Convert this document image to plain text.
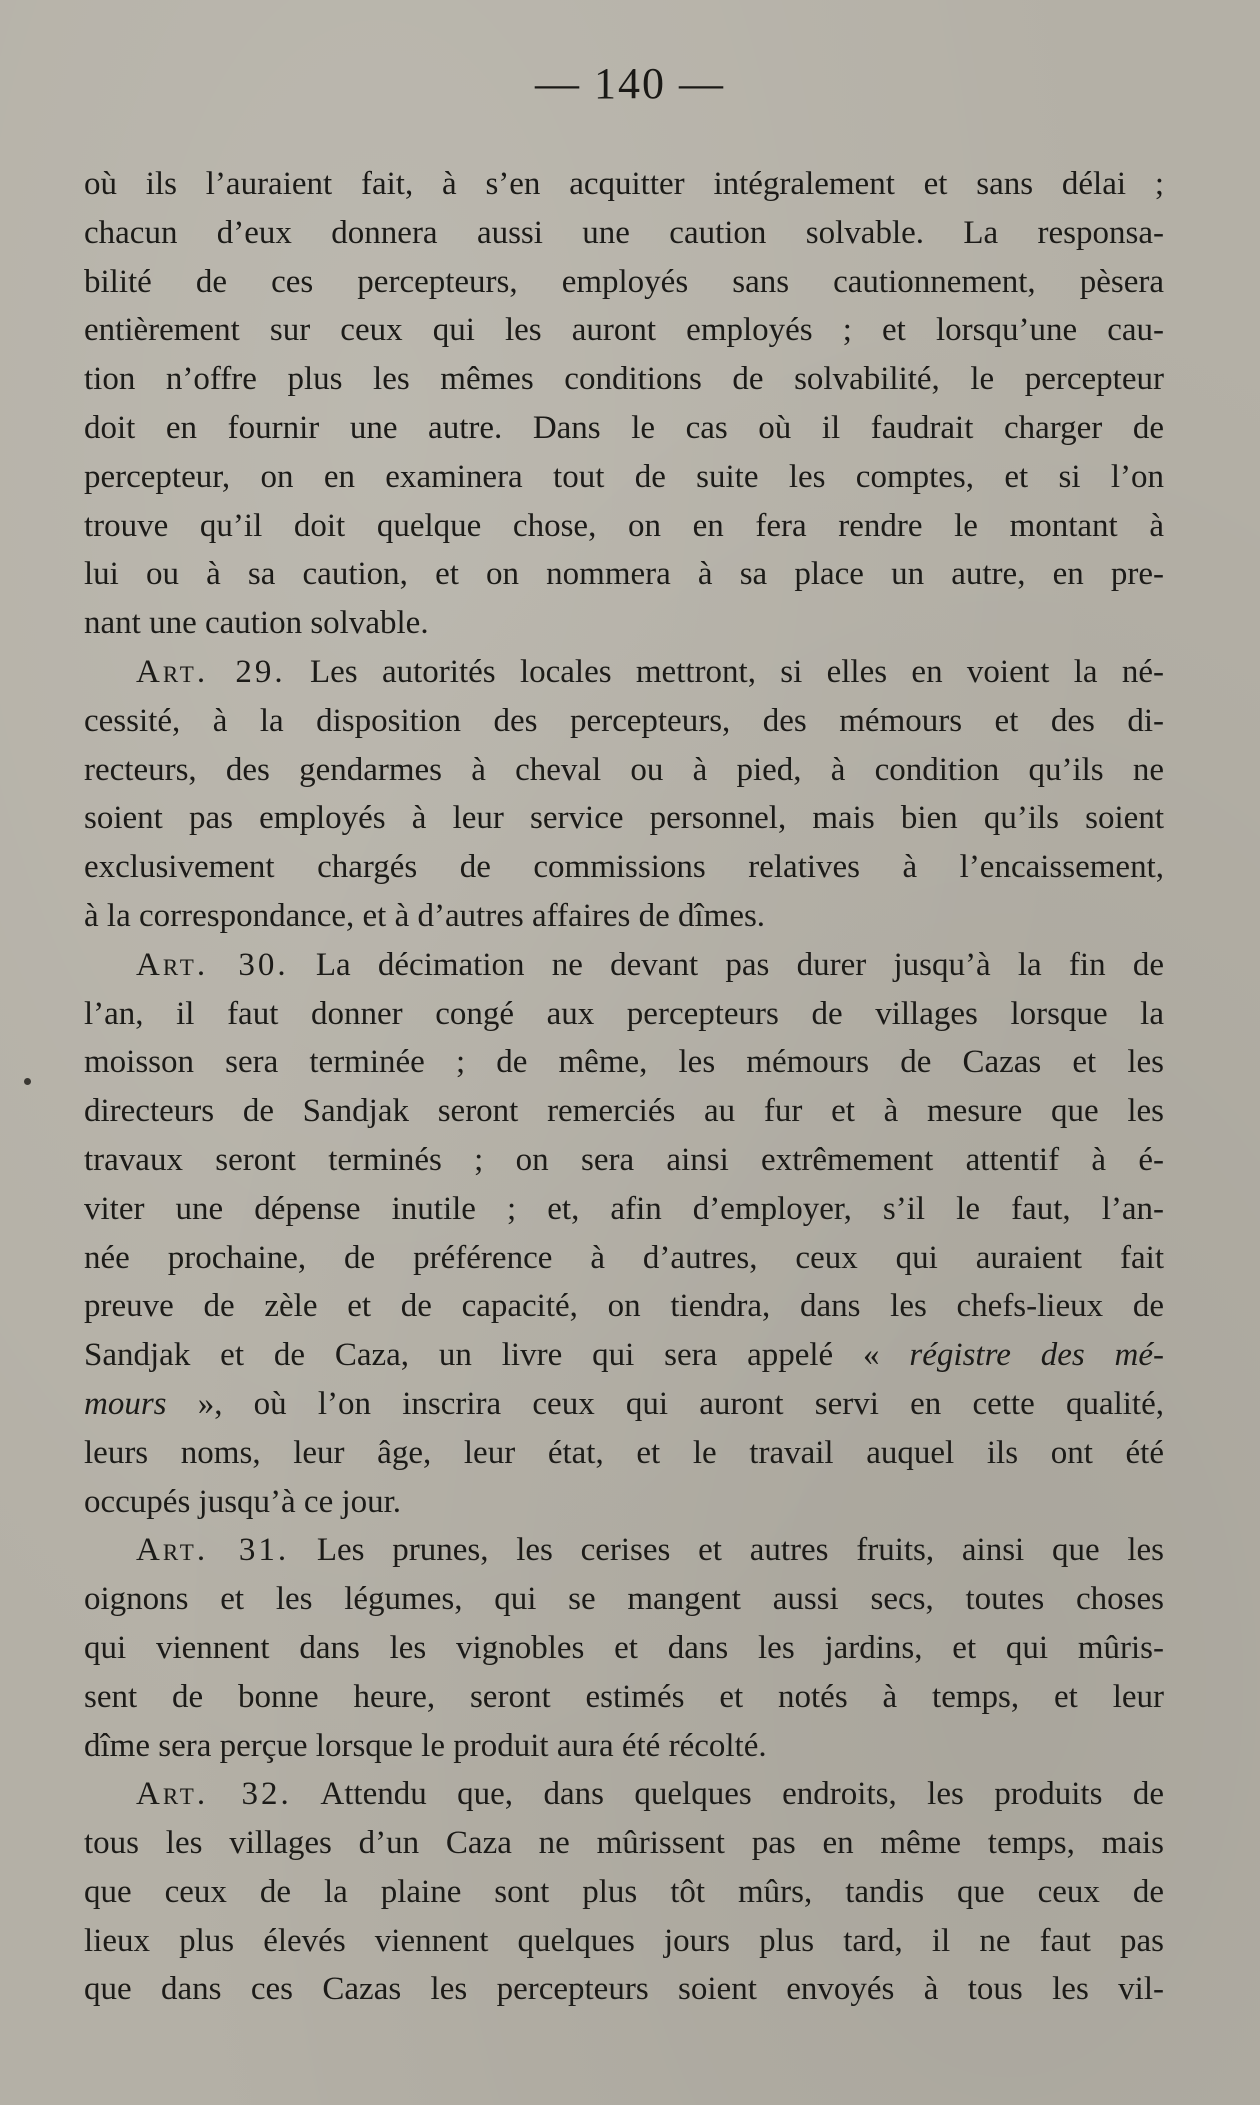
— 140 —
où ils l’auraient fait, à s’en acquitter intégralement et sans délai ;
chacun d’eux donnera aussi une caution solvable. La responsa-
bilité de ces percepteurs, employés sans cautionnement, pèsera
entièrement sur ceux qui les auront employés ; et lorsqu’une cau-
tion n’offre plus les mêmes conditions de solvabilité, le percepteur
doit en fournir une autre. Dans le cas où il faudrait charger de
percepteur, on en examinera tout de suite les comptes, et si l’on
trouve qu’il doit quelque chose, on en fera rendre le montant à
lui ou à sa caution, et on nommera à sa place un autre, en pre-
nant une caution solvable.
Art. 29. Les autorités locales mettront, si elles en voient la né-
cessité, à la disposition des percepteurs, des mémours et des di-
recteurs, des gendarmes à cheval ou à pied, à condition qu’ils ne
soient pas employés à leur service personnel, mais bien qu’ils soient
exclusivement chargés de commissions relatives à l’encaissement,
à la correspondance, et à d’autres affaires de dîmes.
Art. 30. La décimation ne devant pas durer jusqu’à la fin de
l’an, il faut donner congé aux percepteurs de villages lorsque la
moisson sera terminée ; de même, les mémours de Cazas et les
directeurs de Sandjak seront remerciés au fur et à mesure que les
travaux seront terminés ; on sera ainsi extrêmement attentif à é-
viter une dépense inutile ; et, afin d’employer, s’il le faut, l’an-
née prochaine, de préférence à d’autres, ceux qui auraient fait
preuve de zèle et de capacité, on tiendra, dans les chefs-lieux de
Sandjak et de Caza, un livre qui sera appelé « régistre des mé-
mours », où l’on inscrira ceux qui auront servi en cette qualité,
leurs noms, leur âge, leur état, et le travail auquel ils ont été
occupés jusqu’à ce jour.
Art. 31. Les prunes, les cerises et autres fruits, ainsi que les
oignons et les légumes, qui se mangent aussi secs, toutes choses
qui viennent dans les vignobles et dans les jardins, et qui mûris-
sent de bonne heure, seront estimés et notés à temps, et leur
dîme sera perçue lorsque le produit aura été récolté.
Art. 32. Attendu que, dans quelques endroits, les produits de
tous les villages d’un Caza ne mûrissent pas en même temps, mais
que ceux de la plaine sont plus tôt mûrs, tandis que ceux de
lieux plus élevés viennent quelques jours plus tard, il ne faut pas
que dans ces Cazas les percepteurs soient envoyés à tous les vil-
